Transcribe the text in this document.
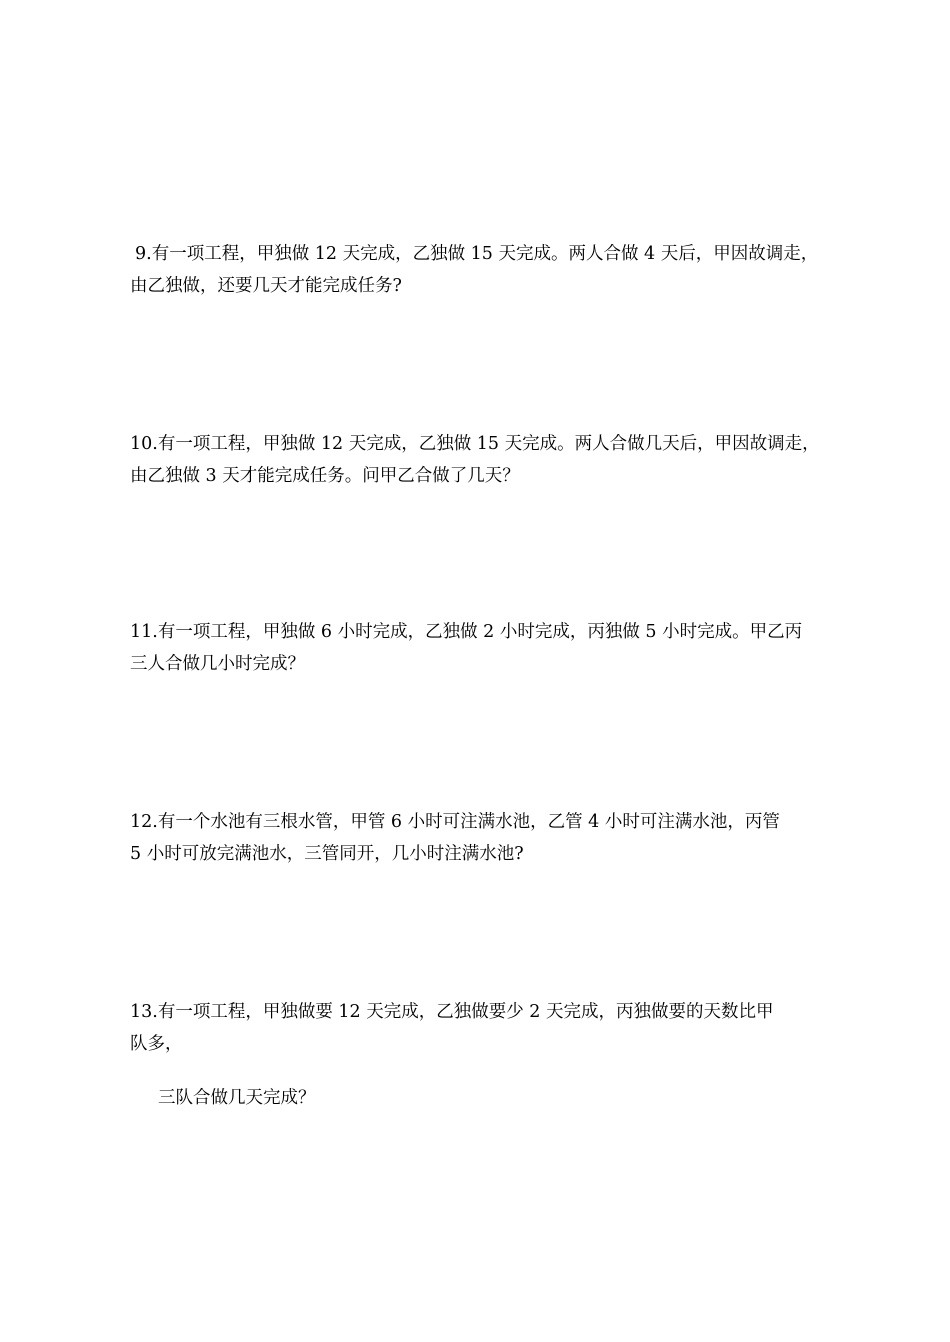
9.有一项工程，甲独做 12 天完成，乙独做 15 天完成。两人合做 4 天后，甲因故调走，
由乙独做，还要几天才能完成任务?
10.有一项工程，甲独做 12 天完成，乙独做 15 天完成。两人合做几天后，甲因故调走，
由乙独做 3 天才能完成任务。问甲乙合做了几天？
11.有一项工程，甲独做 6 小时完成，乙独做 2 小时完成，丙独做 5 小时完成。甲乙丙
三人合做几小时完成？
12.有一个水池有三根水管，甲管 6 小时可注满水池，乙管 4 小时可注满水池，丙管
5 小时可放完满池水，三管同开，几小时注满水池?
13.有一项工程，甲独做要 12 天完成，乙独做要少 2 天完成，丙独做要的天数比甲
队多，
三队合做几天完成？
